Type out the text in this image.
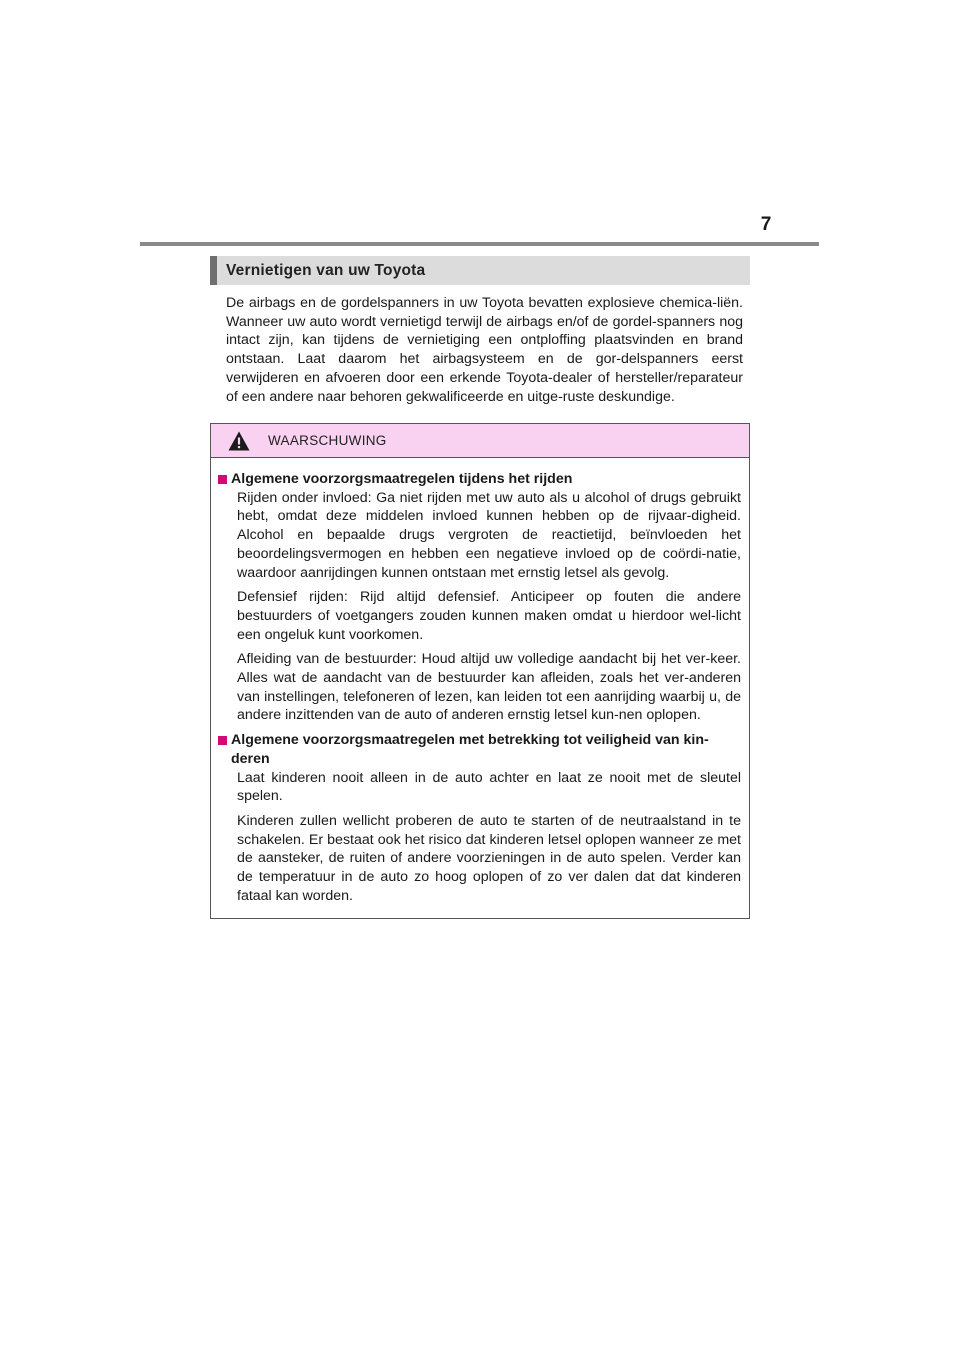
7
Vernietigen van uw Toyota

De airbags en de gordelspanners in uw Toyota bevatten explosieve chemica-liën. Wanneer uw auto wordt vernietigd terwijl de airbags en/of de gordel-spanners nog intact zijn, kan tijdens de vernietiging een ontploffing plaatsvinden en brand ontstaan. Laat daarom het airbagsysteem en de gor-delspanners eerst verwijderen en afvoeren door een erkende Toyota-dealer of hersteller/reparateur of een andere naar behoren gekwalificeerde en uitge-ruste deskundige.

WAARSCHUWING

Algemene voorzorgsmaatregelen tijdens het rijden

Rijden onder invloed: Ga niet rijden met uw auto als u alcohol of drugs gebruikt hebt, omdat deze middelen invloed kunnen hebben op de rijvaar-digheid. Alcohol en bepaalde drugs vergroten de reactietijd, beïnvloeden het beoordelingsvermogen en hebben een negatieve invloed op de coördi-natie, waardoor aanrijdingen kunnen ontstaan met ernstig letsel als gevolg.

Defensief rijden: Rijd altijd defensief. Anticipeer op fouten die andere bestuurders of voetgangers zouden kunnen maken omdat u hierdoor wel-licht een ongeluk kunt voorkomen.

Afleiding van de bestuurder: Houd altijd uw volledige aandacht bij het ver-keer. Alles wat de aandacht van de bestuurder kan afleiden, zoals het ver-anderen van instellingen, telefoneren of lezen, kan leiden tot een aanrijding waarbij u, de andere inzittenden van de auto of anderen ernstig letsel kun-nen oplopen.

Algemene voorzorgsmaatregelen met betrekking tot veiligheid van kin-deren

Laat kinderen nooit alleen in de auto achter en laat ze nooit met de sleutel spelen.

Kinderen zullen wellicht proberen de auto te starten of de neutraalstand in te schakelen. Er bestaat ook het risico dat kinderen letsel oplopen wanneer ze met de aansteker, de ruiten of andere voorzieningen in de auto spelen. Verder kan de temperatuur in de auto zo hoog oplopen of zo ver dalen dat dat kinderen fataal kan worden.
